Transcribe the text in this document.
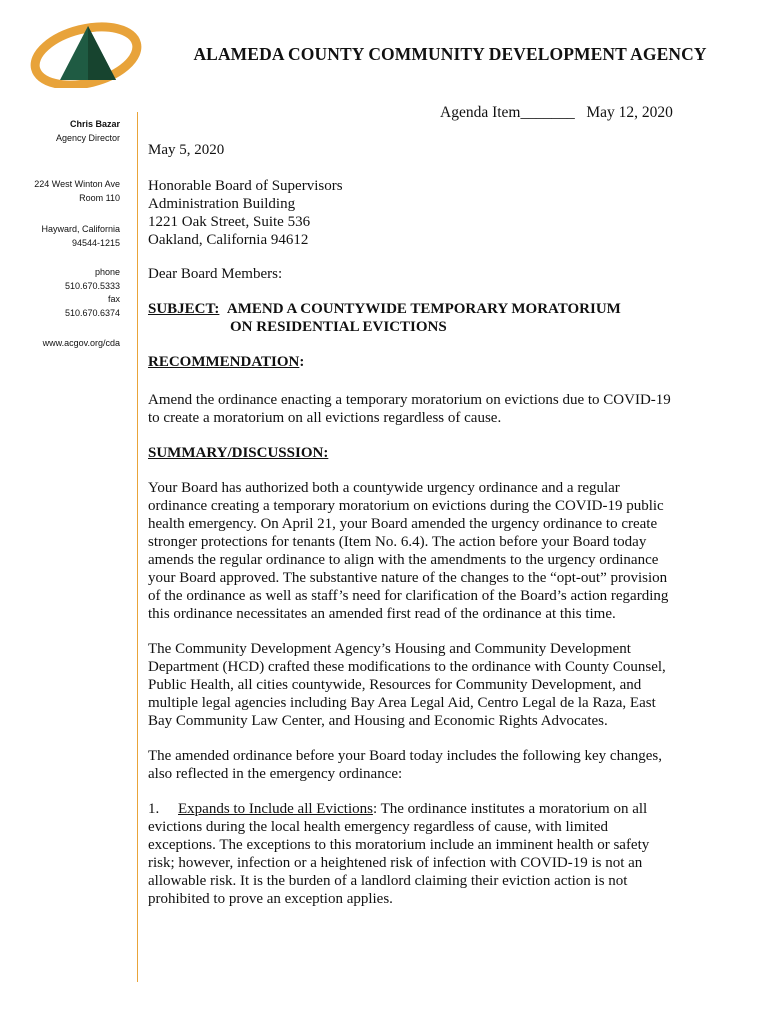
ALAMEDA COUNTY COMMUNITY DEVELOPMENT AGENCY
Agenda Item_______   May 12, 2020
Chris Bazar
Agency Director
224 West Winton Ave
Room 110
Hayward, California
94544-1215
phone
510.670.5333
fax
510.670.6374
www.acgov.org/cda
May 5, 2020
Honorable Board of Supervisors
Administration Building
1221 Oak Street, Suite 536
Oakland, California 94612
Dear Board Members:
SUBJECT: AMEND A COUNTYWIDE TEMPORARY MORATORIUM
ON RESIDENTIAL EVICTIONS
RECOMMENDATION:
Amend the ordinance enacting a temporary moratorium on evictions due to COVID-19 to create a moratorium on all evictions regardless of cause.
SUMMARY/DISCUSSION:
Your Board has authorized both a countywide urgency ordinance and a regular ordinance creating a temporary moratorium on evictions during the COVID-19 public health emergency. On April 21, your Board amended the urgency ordinance to create stronger protections for tenants (Item No. 6.4). The action before your Board today amends the regular ordinance to align with the amendments to the urgency ordinance your Board approved. The substantive nature of the changes to the “opt-out” provision of the ordinance as well as staff’s need for clarification of the Board’s action regarding this ordinance necessitates an amended first read of the ordinance at this time.
The Community Development Agency’s Housing and Community Development Department (HCD) crafted these modifications to the ordinance with County Counsel, Public Health, all cities countywide, Resources for Community Development, and multiple legal agencies including Bay Area Legal Aid, Centro Legal de la Raza, East Bay Community Law Center, and Housing and Economic Rights Advocates.
The amended ordinance before your Board today includes the following key changes, also reflected in the emergency ordinance:
1. Expands to Include all Evictions: The ordinance institutes a moratorium on all evictions during the local health emergency regardless of cause, with limited exceptions. The exceptions to this moratorium include an imminent health or safety risk; however, infection or a heightened risk of infection with COVID-19 is not an allowable risk. It is the burden of a landlord claiming their eviction action is not prohibited to prove an exception applies.
